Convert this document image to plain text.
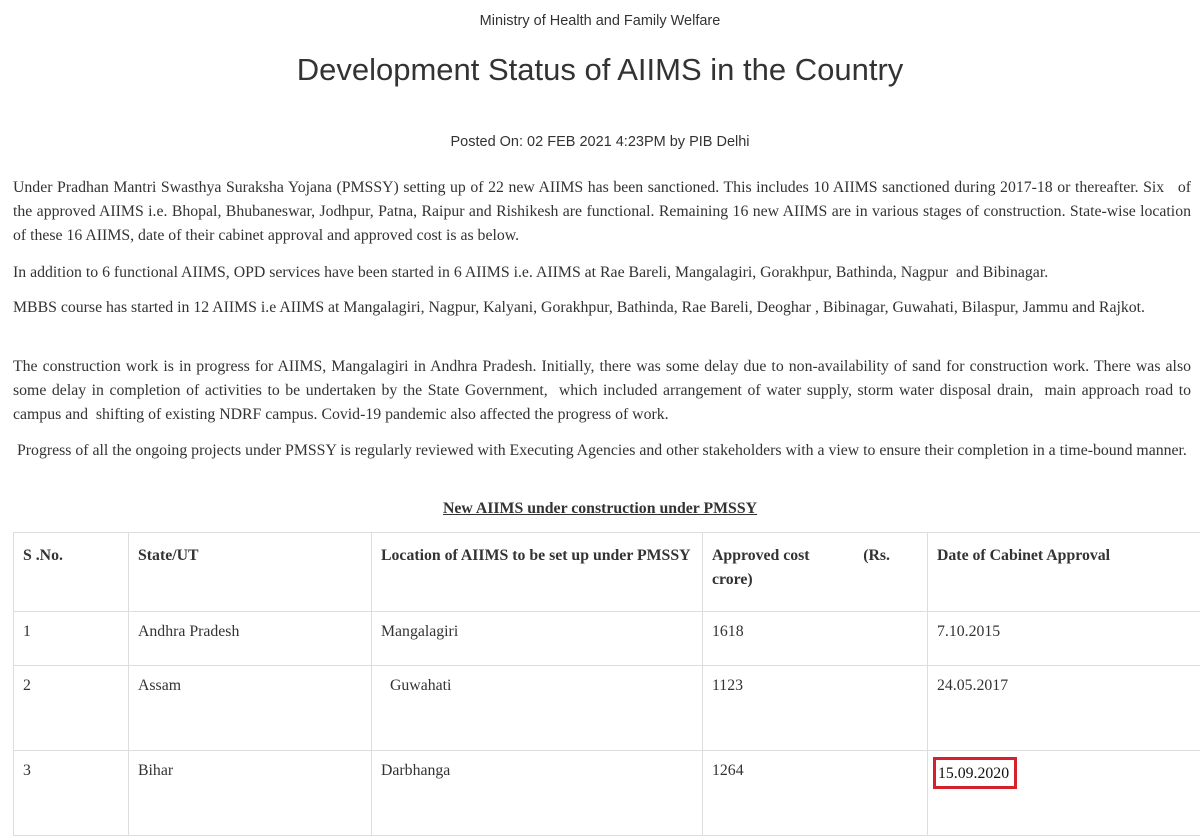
Ministry of Health and Family Welfare
Development Status of AIIMS in the Country
Posted On: 02 FEB 2021 4:23PM by PIB Delhi

Under Pradhan Mantri Swasthya Suraksha Yojana (PMSSY) setting up of 22 new AIIMS has been sanctioned. This includes 10 AIIMS sanctioned during 2017-18 or thereafter. Six   of the approved AIIMS i.e. Bhopal, Bhubaneswar, Jodhpur, Patna, Raipur and Rishikesh are functional. Remaining 16 new AIIMS are in various stages of construction. State-wise location of these 16 AIIMS, date of their cabinet approval and approved cost is as below.

In addition to 6 functional AIIMS, OPD services have been started in 6 AIIMS i.e. AIIMS at Rae Bareli, Mangalagiri, Gorakhpur, Bathinda, Nagpur  and Bibinagar.

MBBS course has started in 12 AIIMS i.e AIIMS at Mangalagiri, Nagpur, Kalyani, Gorakhpur, Bathinda, Rae Bareli, Deoghar , Bibinagar, Guwahati, Bilaspur, Jammu and Rajkot.

The construction work is in progress for AIIMS, Mangalagiri in Andhra Pradesh. Initially, there was some delay due to non-availability of sand for construction work. There was also some delay in completion of activities to be undertaken by the State Government,  which included arrangement of water supply, storm water disposal drain,  main approach road to campus and  shifting of existing NDRF campus. Covid-19 pandemic also affected the progress of work.

Progress of all the ongoing projects under PMSSY is regularly reviewed with Executing Agencies and other stakeholders with a view to ensure their completion in a time-bound manner.

New AIIMS under construction under PMSSY
S .No.	State/UT	Location of AIIMS to be set up under PMSSY	Approved cost (Rs.
crore)	Date of Cabinet Approval
1	Andhra Pradesh	Mangalagiri	1618	7.10.2015
2	Assam	Guwahati	1123	24.05.2017
3	Bihar	Darbhanga	1264	15.09.2020
